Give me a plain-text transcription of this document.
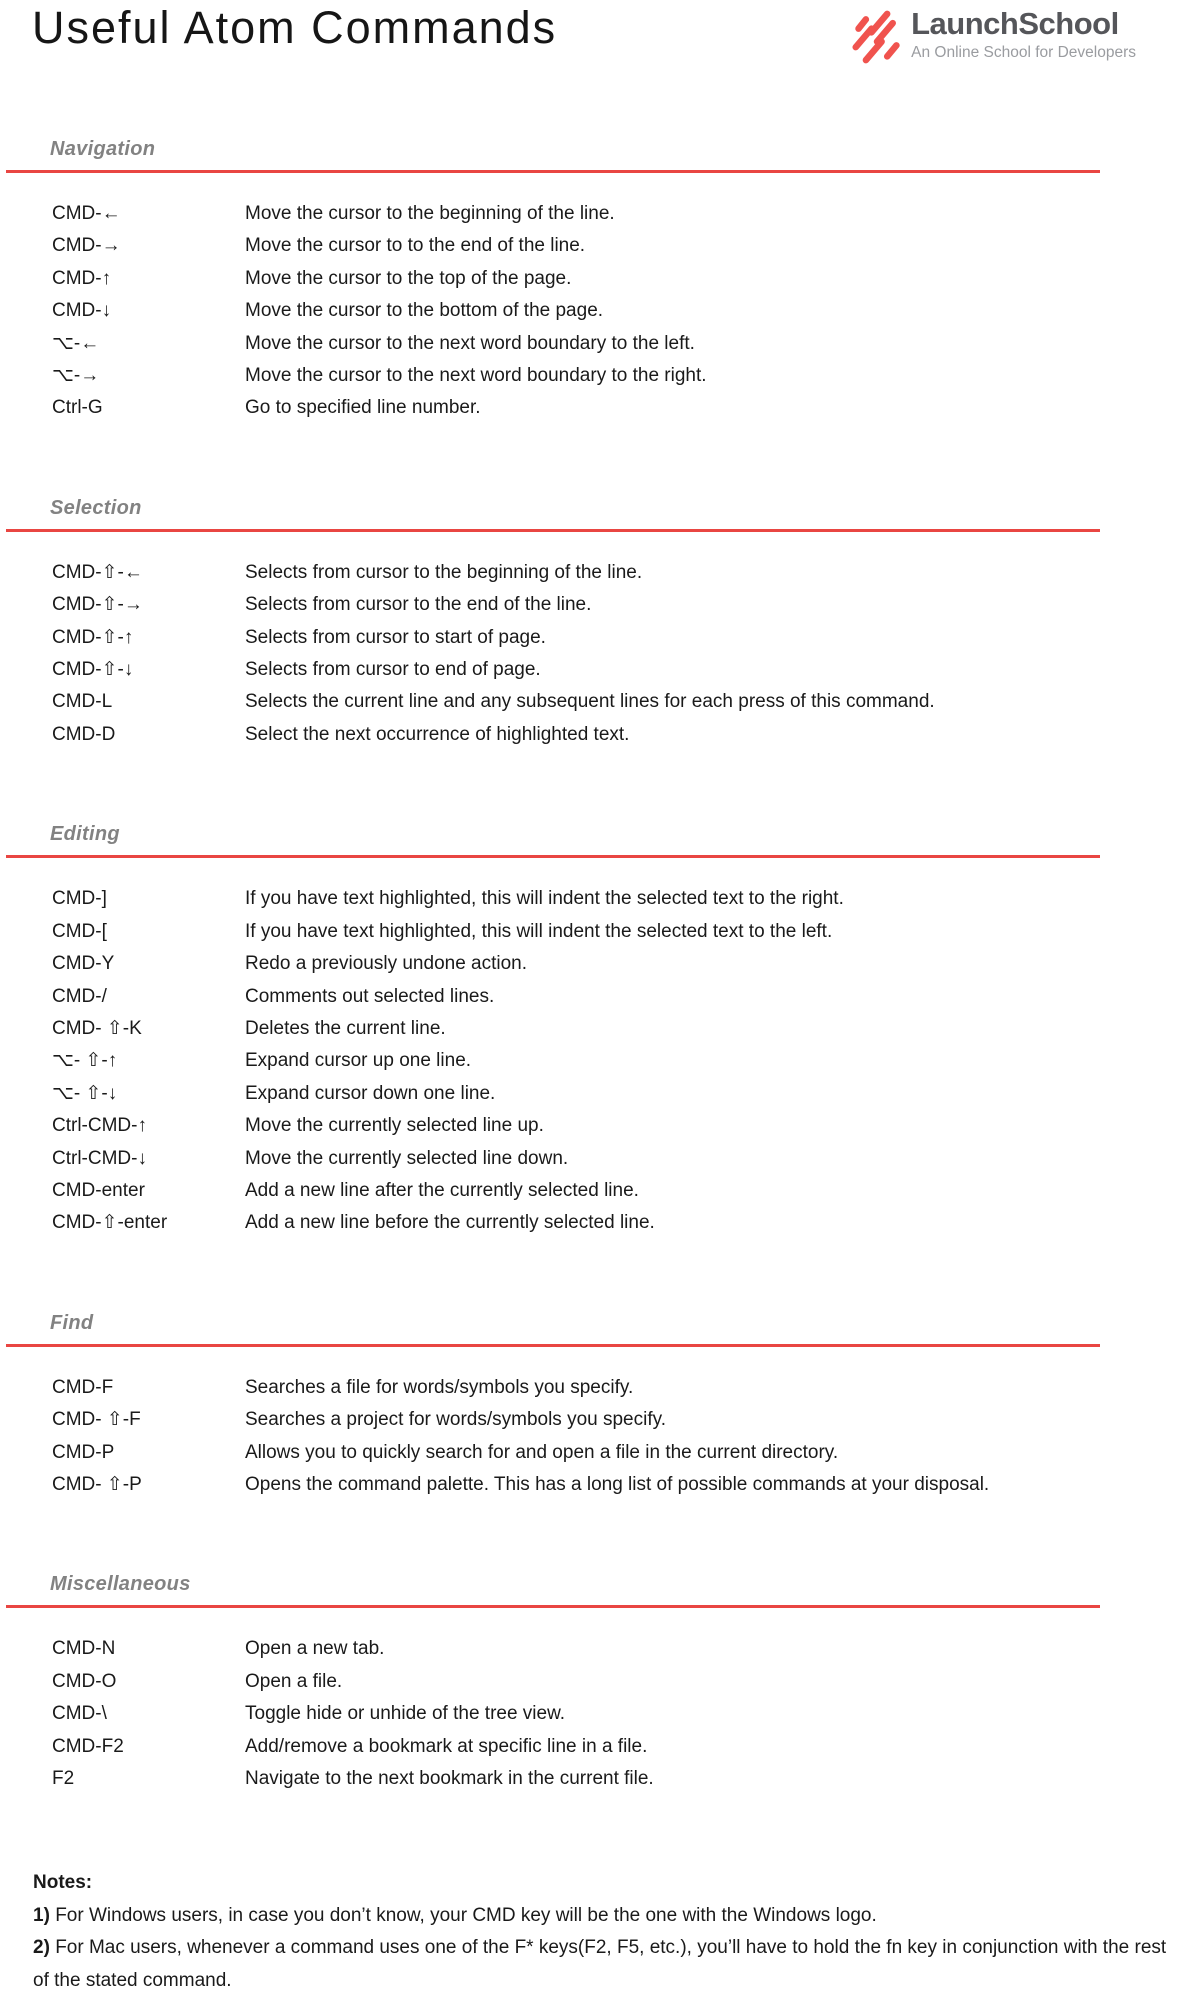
Useful Atom Commands	LaunchSchool
An Online School for Developers
Navigation
CMD-←	Move the cursor to the beginning of the line.
CMD-→	Move the cursor to to the end of the line.
CMD-↑	Move the cursor to the top of the page.
CMD-↓	Move the cursor to the bottom of the page.
⌥-←	Move the cursor to the next word boundary to the left.
⌥-→	Move the cursor to the next word boundary to the right.
Ctrl-G	Go to specified line number.
Selection
CMD-⇧-←	Selects from cursor to the beginning of the line.
CMD-⇧-→	Selects from cursor to the end of the line.
CMD-⇧-↑	Selects from cursor to start of page.
CMD-⇧-↓	Selects from cursor to end of page.
CMD-L	Selects the current line and any subsequent lines for each press of this command.
CMD-D	Select the next occurrence of highlighted text.
Editing
CMD-]	If you have text highlighted, this will indent the selected text to the right.
CMD-[	If you have text highlighted, this will indent the selected text to the left.
CMD-Y	Redo a previously undone action.
CMD-/	Comments out selected lines.
CMD- ⇧-K	Deletes the current line.
⌥- ⇧-↑	Expand cursor up one line.
⌥- ⇧-↓	Expand cursor down one line.
Ctrl-CMD-↑	Move the currently selected line up.
Ctrl-CMD-↓	Move the currently selected line down.
CMD-enter	Add a new line after the currently selected line.
CMD-⇧-enter	Add a new line before the currently selected line.
Find
CMD-F	Searches a file for words/symbols you specify.
CMD- ⇧-F	Searches a project for words/symbols you specify.
CMD-P	Allows you to quickly search for and open a file in the current directory.
CMD- ⇧-P	Opens the command palette. This has a long list of possible commands at your disposal.
Miscellaneous
CMD-N	Open a new tab.
CMD-O	Open a file.
CMD-\	Toggle hide or unhide of the tree view.
CMD-F2	Add/remove a bookmark at specific line in a file.
F2	Navigate to the next bookmark in the current file.

Notes:

1) For Windows users, in case you don’t know, your CMD key will be the one with the Windows logo.

2) For Mac users, whenever a command uses one of the F* keys(F2, F5, etc.), you’ll have to hold the fn key in conjunction with the rest of the stated command.
